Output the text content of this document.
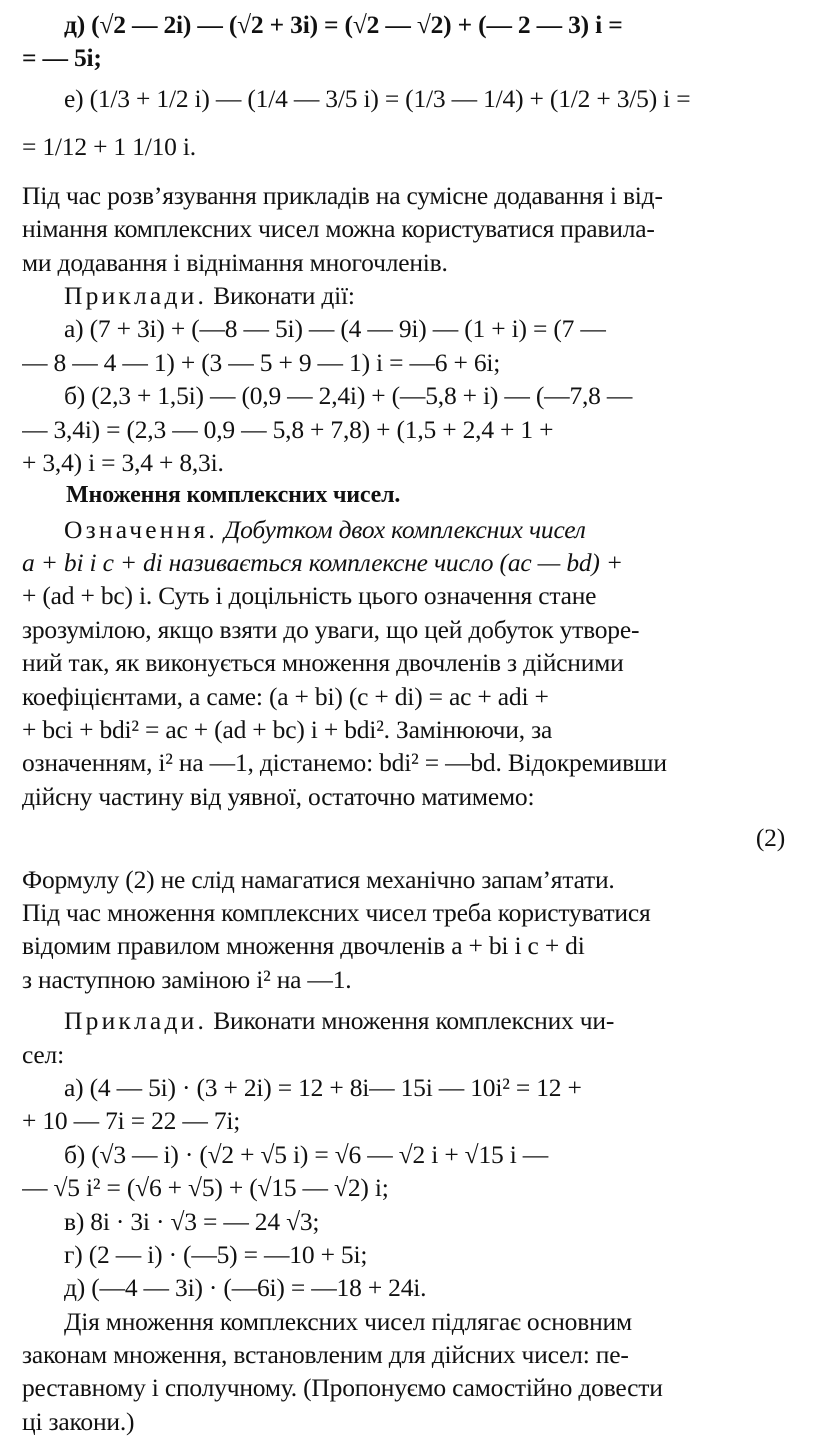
д) (√2 — 2i) — (√2 + 3i) = (√2 — √2) + (— 2 — 3) i =
= — 5i;
е) (1/3 + 1/2 i) — (1/4 — 3/5 i) = (1/3 — 1/4) + (1/2 + 3/5) i =
= 1/12 + 1 1/10 i.
Під час розв’язування прикладів на сумісне додавання і від-
німання комплексних чисел можна користуватися правила-
ми додавання і віднімання многочленів.
Приклади. Виконати дії:
а) (7 + 3i) + (—8 — 5i) — (4 — 9i) — (1 + i) = (7 —
— 8 — 4 — 1) + (3 — 5 + 9 — 1) i = —6 + 6i;
б) (2,3 + 1,5i) — (0,9 — 2,4i) + (—5,8 + i) — (—7,8 —
— 3,4i) = (2,3 — 0,9 — 5,8 + 7,8) + (1,5 + 2,4 + 1 +
+ 3,4) i = 3,4 + 8,3i.
Множення комплексних чисел.
Означення. Добутком двох комплексних чисел
a + bi і c + di називається комплексне число (ac — bd) +
+ (ad + bc) i. Суть і доцільність цього означення стане
зрозумілою, якщо взяти до уваги, що цей добуток утворе-
ний так, як виконується множення двочленів з дійсними
коефіцієнтами, а саме: (a + bi) (c + di) = ac + adi +
+ bci + bdi² = ac + (ad + bc) i + bdi². Замінюючи, за
означенням, i² на —1, дістанемо: bdi² = —bd. Відокремивши
дійсну частину від уявної, остаточно матимемо:

(2)

Формулу (2) не слід намагатися механічно запам’ятати.
Під час множення комплексних чисел треба користуватися
відомим правилом множення двочленів a + bi і c + di
з наступною заміною i² на —1.
Приклади. Виконати множення комплексних чи-
сел:
а) (4 — 5i) · (3 + 2i) = 12 + 8i— 15i — 10i² = 12 +
+ 10 — 7i = 22 — 7i;
б) (√3 — i) · (√2 + √5 i) = √6 — √2 i + √15 i —
— √5 i² = (√6 + √5) + (√15 — √2) i;
в) 8i · 3i · √3 = — 24 √3;
г) (2 — i) · (—5) = —10 + 5i;
д) (—4 — 3i) · (—6i) = —18 + 24i.
Дія множення комплексних чисел підлягає основним
законам множення, встановленим для дійсних чисел: пе-
реставному і сполучному. (Пропонуємо самостійно довести
ці закони.)
